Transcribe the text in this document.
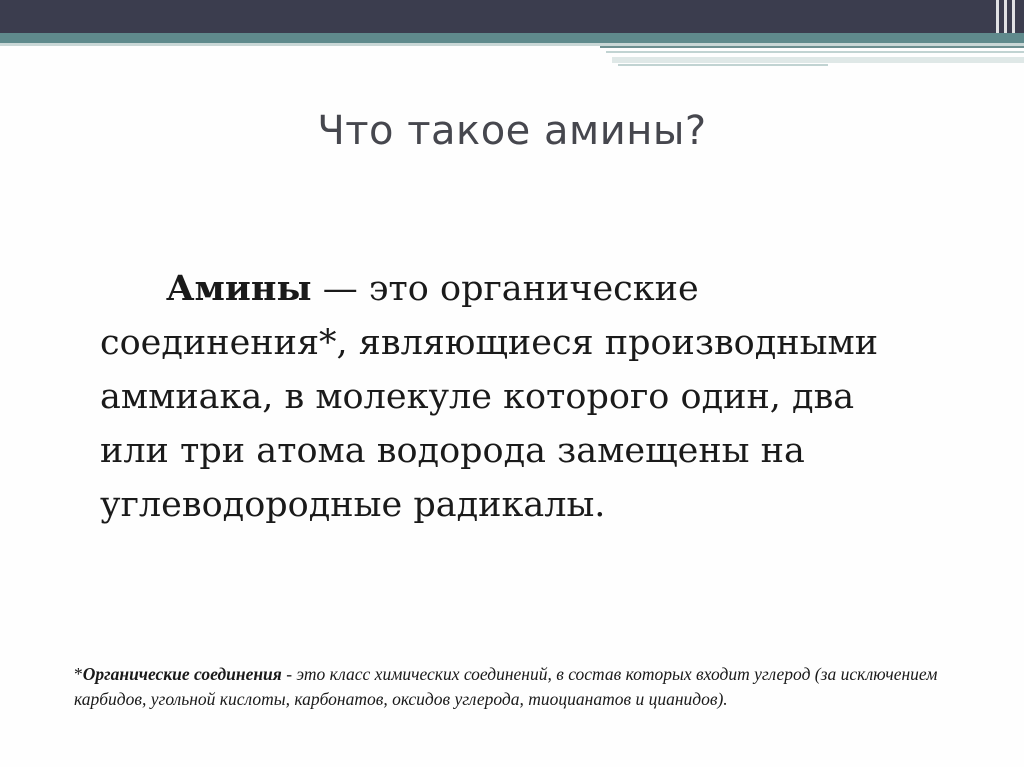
Что такое амины?
Амины — это органические соединения*, являющиеся производными аммиака, в молекуле которого один, два или три атома водорода замещены на углеводородные радикалы.
*Органические соединения - это класс химических соединений, в состав которых входит углерод (за исключением карбидов, угольной кислоты, карбонатов, оксидов углерода, тиоцианатов и цианидов).
